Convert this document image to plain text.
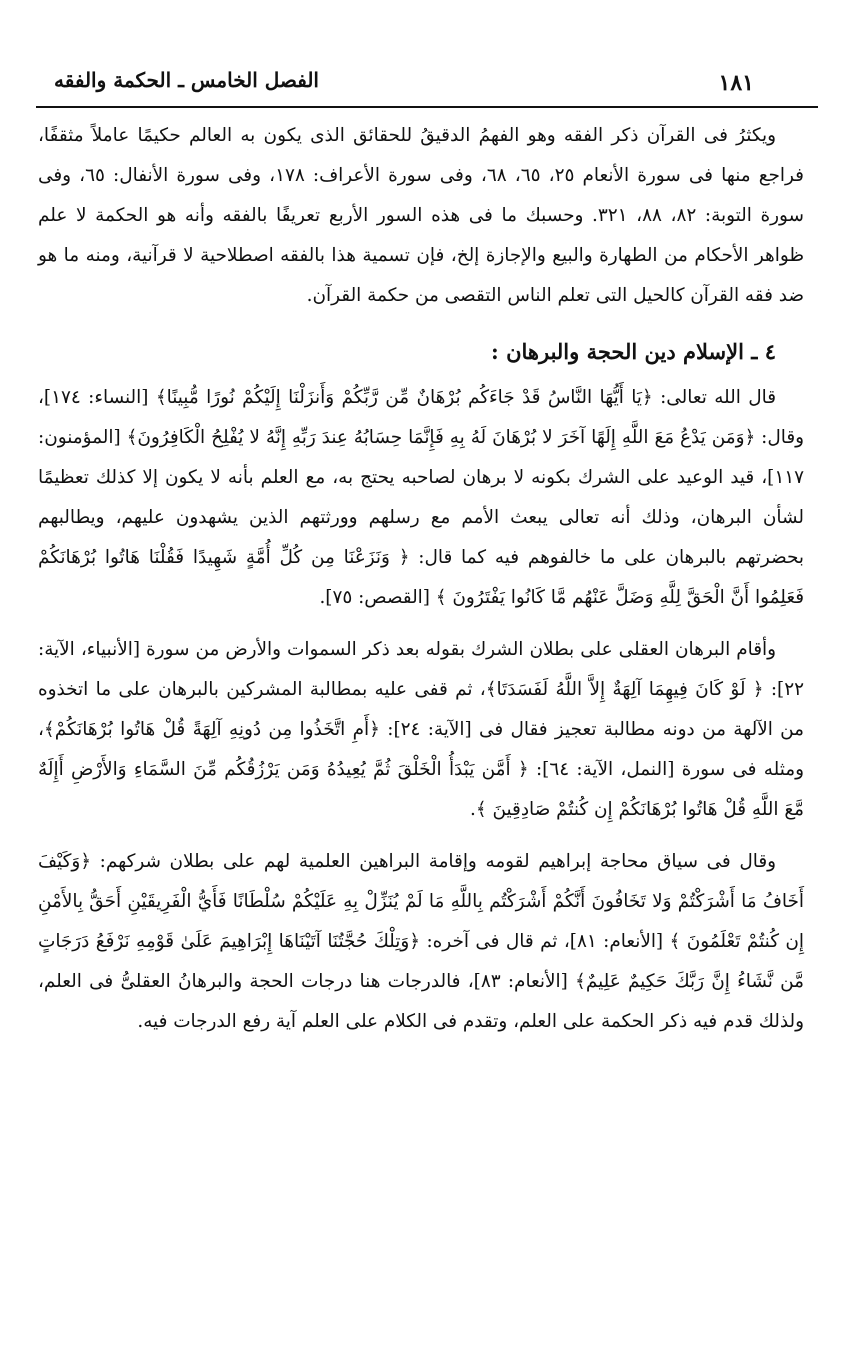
الفصل الخامس ـ الحكمة والفقه	١٨١

ويكثرُ فى القرآن ذكر الفقه وهو الفهمُ الدقيقُ للحقائق الذى يكون به العالم حكيمًا عاملاً مثقفًا، فراجع منها فى سورة الأنعام ٢٥، ٦٥، ٦٨، وفى سورة الأعراف: ١٧٨، وفى سورة الأنفال: ٦٥، وفى سورة التوبة: ٨٢، ٨٨، ٣٢١. وحسبك ما فى هذه السور الأربع تعريفًا بالفقه وأنه هو الحكمة لا علم ظواهر الأحكام من الطهارة والبيع والإجازة إلخ، فإن تسمية هذا بالفقه اصطلاحية لا قرآنية، ومنه ما هو ضد فقه القرآن كالحيل التى تعلم الناس التقصى من حكمة القرآن.

٤ ـ الإسلام دين الحجة والبرهان :

قال الله تعالى: ﴿يَا أَيُّهَا النَّاسُ قَدْ جَاءَكُم بُرْهَانٌ مِّن رَّبِّكُمْ وَأَنزَلْنَا إِلَيْكُمْ نُورًا مُّبِينًا﴾ [النساء: ١٧٤]، وقال: ﴿وَمَن يَدْعُ مَعَ اللَّهِ إِلَهًا آخَرَ لا بُرْهَانَ لَهُ بِهِ فَإِنَّمَا حِسَابُهُ عِندَ رَبِّهِ إِنَّهُ لا يُفْلِحُ الْكَافِرُونَ﴾ [المؤمنون: ١١٧]، قيد الوعيد على الشرك بكونه لا برهان لصاحبه يحتج به، مع العلم بأنه لا يكون إلا كذلك تعظيمًا لشأن البرهان، وذلك أنه تعالى يبعث الأمم مع رسلهم وورثتهم الذين يشهدون عليهم، ويطالبهم بحضرتهم بالبرهان على ما خالفوهم فيه كما قال: ﴿ وَنَزَعْنَا مِن كُلِّ أُمَّةٍ شَهِيدًا فَقُلْنَا هَاتُوا بُرْهَانَكُمْ فَعَلِمُوا أَنَّ الْحَقَّ لِلَّهِ وَضَلَّ عَنْهُم مَّا كَانُوا يَفْتَرُونَ ﴾ [القصص: ٧٥].

وأقام البرهان العقلى على بطلان الشرك بقوله بعد ذكر السموات والأرض من سورة [الأنبياء، الآية: ٢٢]: ﴿ لَوْ كَانَ فِيهِمَا آلِهَةٌ إِلاَّ اللَّهُ لَفَسَدَتَا﴾، ثم قفى عليه بمطالبة المشركين بالبرهان على ما اتخذوه من الآلهة من دونه مطالبة تعجيز فقال فى [الآية: ٢٤]: ﴿أَمِ اتَّخَذُوا مِن دُونِهِ آلِهَةً قُلْ هَاتُوا بُرْهَانَكُمْ﴾، ومثله فى سورة [النمل، الآية: ٦٤]: ﴿ أَمَّن يَبْدَأُ الْخَلْقَ ثُمَّ يُعِيدُهُ وَمَن يَرْزُقُكُم مِّنَ السَّمَاءِ وَالأَرْضِ أَإِلَهٌ مَّعَ اللَّهِ قُلْ هَاتُوا بُرْهَانَكُمْ إِن كُنتُمْ صَادِقِينَ ﴾.

وقال فى سياق محاجة إبراهيم لقومه وإقامة البراهين العلمية لهم على بطلان شركهم: ﴿وَكَيْفَ أَخَافُ مَا أَشْرَكْتُمْ وَلا تَخَافُونَ أَنَّكُمْ أَشْرَكْتُم بِاللَّهِ مَا لَمْ يُنَزِّلْ بِهِ عَلَيْكُمْ سُلْطَانًا فَأَيُّ الْفَرِيقَيْنِ أَحَقُّ بِالأَمْنِ إِن كُنتُمْ تَعْلَمُونَ ﴾ [الأنعام: ٨١]، ثم قال فى آخره: ﴿وَتِلْكَ حُجَّتُنَا آتَيْنَاهَا إِبْرَاهِيمَ عَلَىٰ قَوْمِهِ نَرْفَعُ دَرَجَاتٍ مَّن نَّشَاءُ إِنَّ رَبَّكَ حَكِيمٌ عَلِيمٌ﴾ [الأنعام: ٨٣]، فالدرجات هنا درجات الحجة والبرهانُ العقلىُّ فى العلم، ولذلك قدم فيه ذكر الحكمة على العلم، وتقدم فى الكلام على العلم آية رفع الدرجات فيه.
